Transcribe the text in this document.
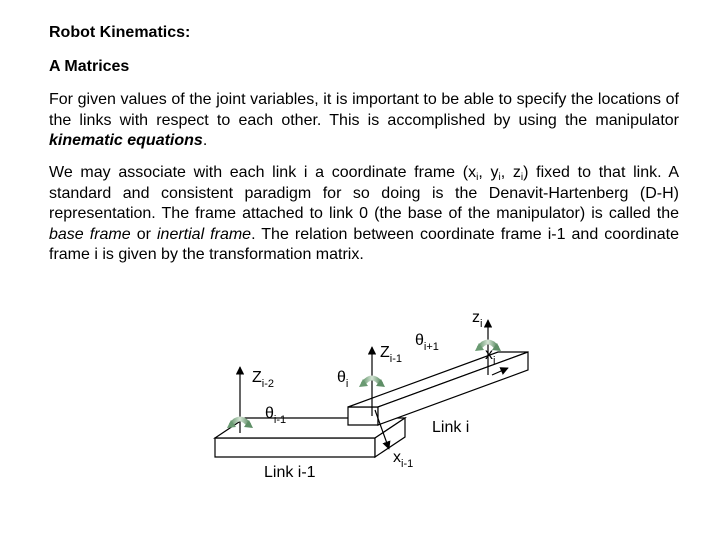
Robot Kinematics:
A Matrices
For given values of the joint variables, it is important to be able to specify the locations of the links with respect to each other. This is accomplished by using the manipulator kinematic equations.
We may associate with each link i a coordinate frame ($x_i$, $y_i$, $z_i$) fixed to that link. A standard and consistent paradigm for so doing is the Denavit-Hartenberg (D-H) representation. The frame attached to link 0 (the base of the manipulator) is called the base frame or inertial frame. The relation between coordinate frame i-1 and coordinate frame i is given by the transformation matrix.
$z_i$
$\theta_{i+1}$
$Z_{i-1}$	$x_i$
$Z_{i-2}$	$\theta_i$
$\theta_{i-1}$	Link i
$x_{i-1}$
Link i-1
